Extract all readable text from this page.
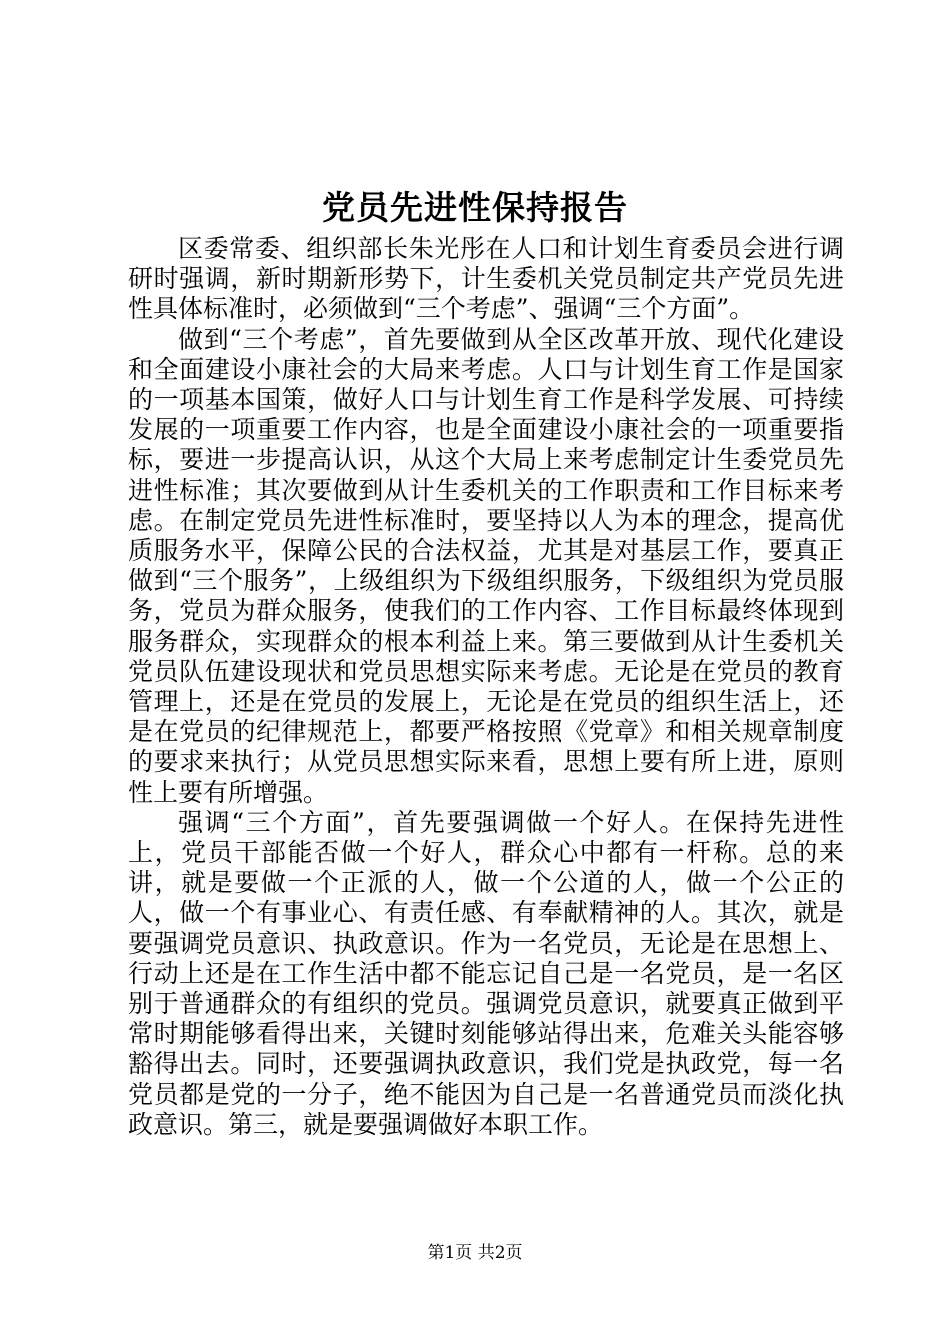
党员先进性保持报告

区委常委、组织部长朱光彤在人口和计划生育委员会进行调研时强调，新时期新形势下，计生委机关党员制定共产党员先进性具体标准时，必须做到“三个考虑”、强调“三个方面”。

做到“三个考虑”，首先要做到从全区改革开放、现代化建设和全面建设小康社会的大局来考虑。人口与计划生育工作是国家的一项基本国策，做好人口与计划生育工作是科学发展、可持续发展的一项重要工作内容，也是全面建设小康社会的一项重要指标，要进一步提高认识，从这个大局上来考虑制定计生委党员先进性标准；其次要做到从计生委机关的工作职责和工作目标来考虑。在制定党员先进性标准时，要坚持以人为本的理念，提高优质服务水平，保障公民的合法权益，尤其是对基层工作，要真正做到“三个服务”，上级组织为下级组织服务，下级组织为党员服务，党员为群众服务，使我们的工作内容、工作目标最终体现到服务群众，实现群众的根本利益上来。第三要做到从计生委机关党员队伍建设现状和党员思想实际来考虑。无论是在党员的教育管理上，还是在党员的发展上，无论是在党员的组织生活上，还是在党员的纪律规范上，都要严格按照《党章》和相关规章制度的要求来执行；从党员思想实际来看，思想上要有所上进，原则性上要有所增强。

强调“三个方面”，首先要强调做一个好人。在保持先进性上，党员干部能否做一个好人，群众心中都有一杆称。总的来讲，就是要做一个正派的人，做一个公道的人，做一个公正的人，做一个有事业心、有责任感、有奉献精神的人。其次，就是要强调党员意识、执政意识。作为一名党员，无论是在思想上、行动上还是在工作生活中都不能忘记自己是一名党员，是一名区别于普通群众的有组织的党员。强调党员意识，就要真正做到平常时期能够看得出来，关键时刻能够站得出来，危难关头能容够豁得出去。同时，还要强调执政意识，我们党是执政党，每一名党员都是党的一分子，绝不能因为自己是一名普通党员而淡化执政意识。第三，就是要强调做好本职工作。

第1页 共2页
